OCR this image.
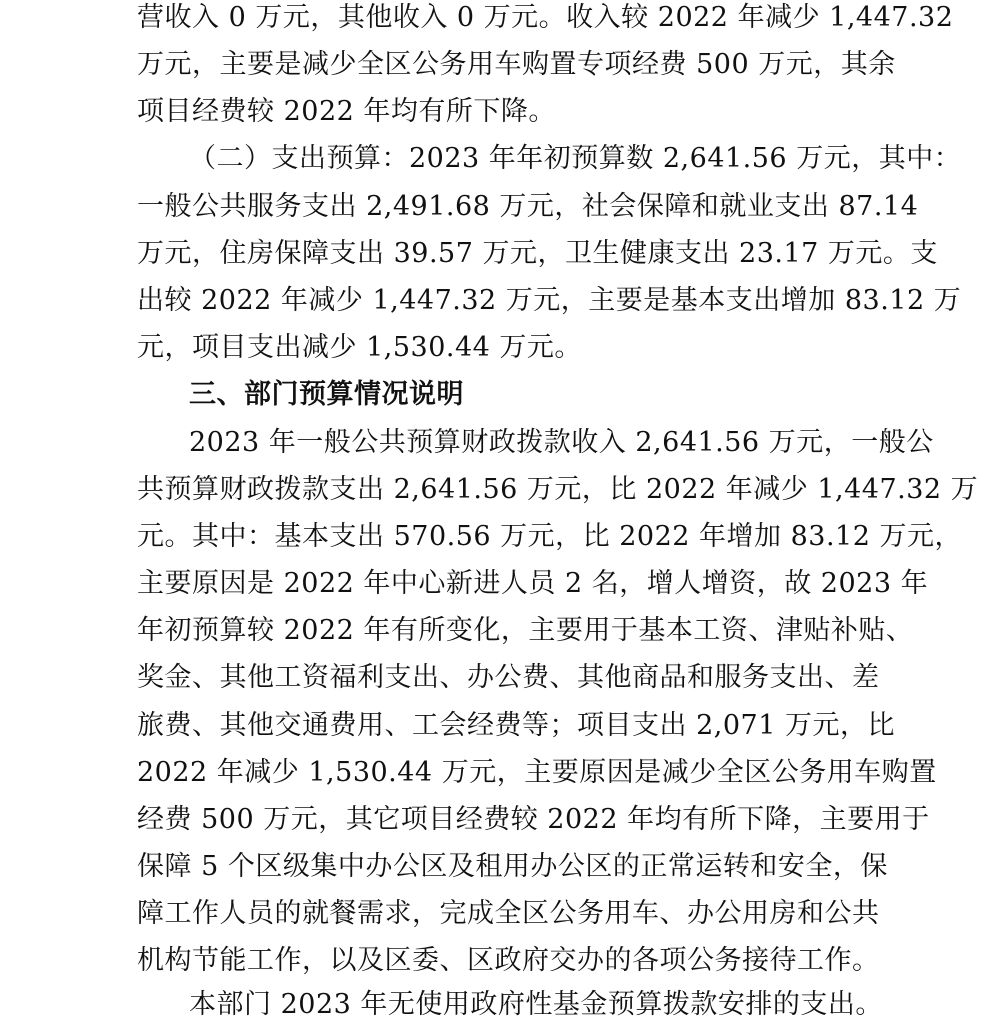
营收入 0 万元，其他收入 0 万元。收入较 2022 年减少 1,447.32
万元，主要是减少全区公务用车购置专项经费 500 万元，其余
项目经费较 2022 年均有所下降。
（二）支出预算：2023 年年初预算数 2,641.56 万元，其中：
一般公共服务支出 2,491.68 万元，社会保障和就业支出 87.14
万元，住房保障支出 39.57 万元，卫生健康支出 23.17 万元。支
出较 2022 年减少 1,447.32 万元，主要是基本支出增加 83.12 万
元，项目支出减少 1,530.44 万元。
三、部门预算情况说明
2023 年一般公共预算财政拨款收入 2,641.56 万元，一般公
共预算财政拨款支出 2,641.56 万元，比 2022 年减少 1,447.32 万
元。其中：基本支出 570.56 万元，比 2022 年增加 83.12 万元，
主要原因是 2022 年中心新进人员 2 名，增人增资，故 2023 年
年初预算较 2022 年有所变化，主要用于基本工资、津贴补贴、
奖金、其他工资福利支出、办公费、其他商品和服务支出、差
旅费、其他交通费用、工会经费等；项目支出 2,071 万元，比
2022 年减少 1,530.44 万元，主要原因是减少全区公务用车购置
经费 500 万元，其它项目经费较 2022 年均有所下降，主要用于
保障 5 个区级集中办公区及租用办公区的正常运转和安全，保
障工作人员的就餐需求，完成全区公务用车、办公用房和公共
机构节能工作，以及区委、区政府交办的各项公务接待工作。
本部门 2023 年无使用政府性基金预算拨款安排的支出。
